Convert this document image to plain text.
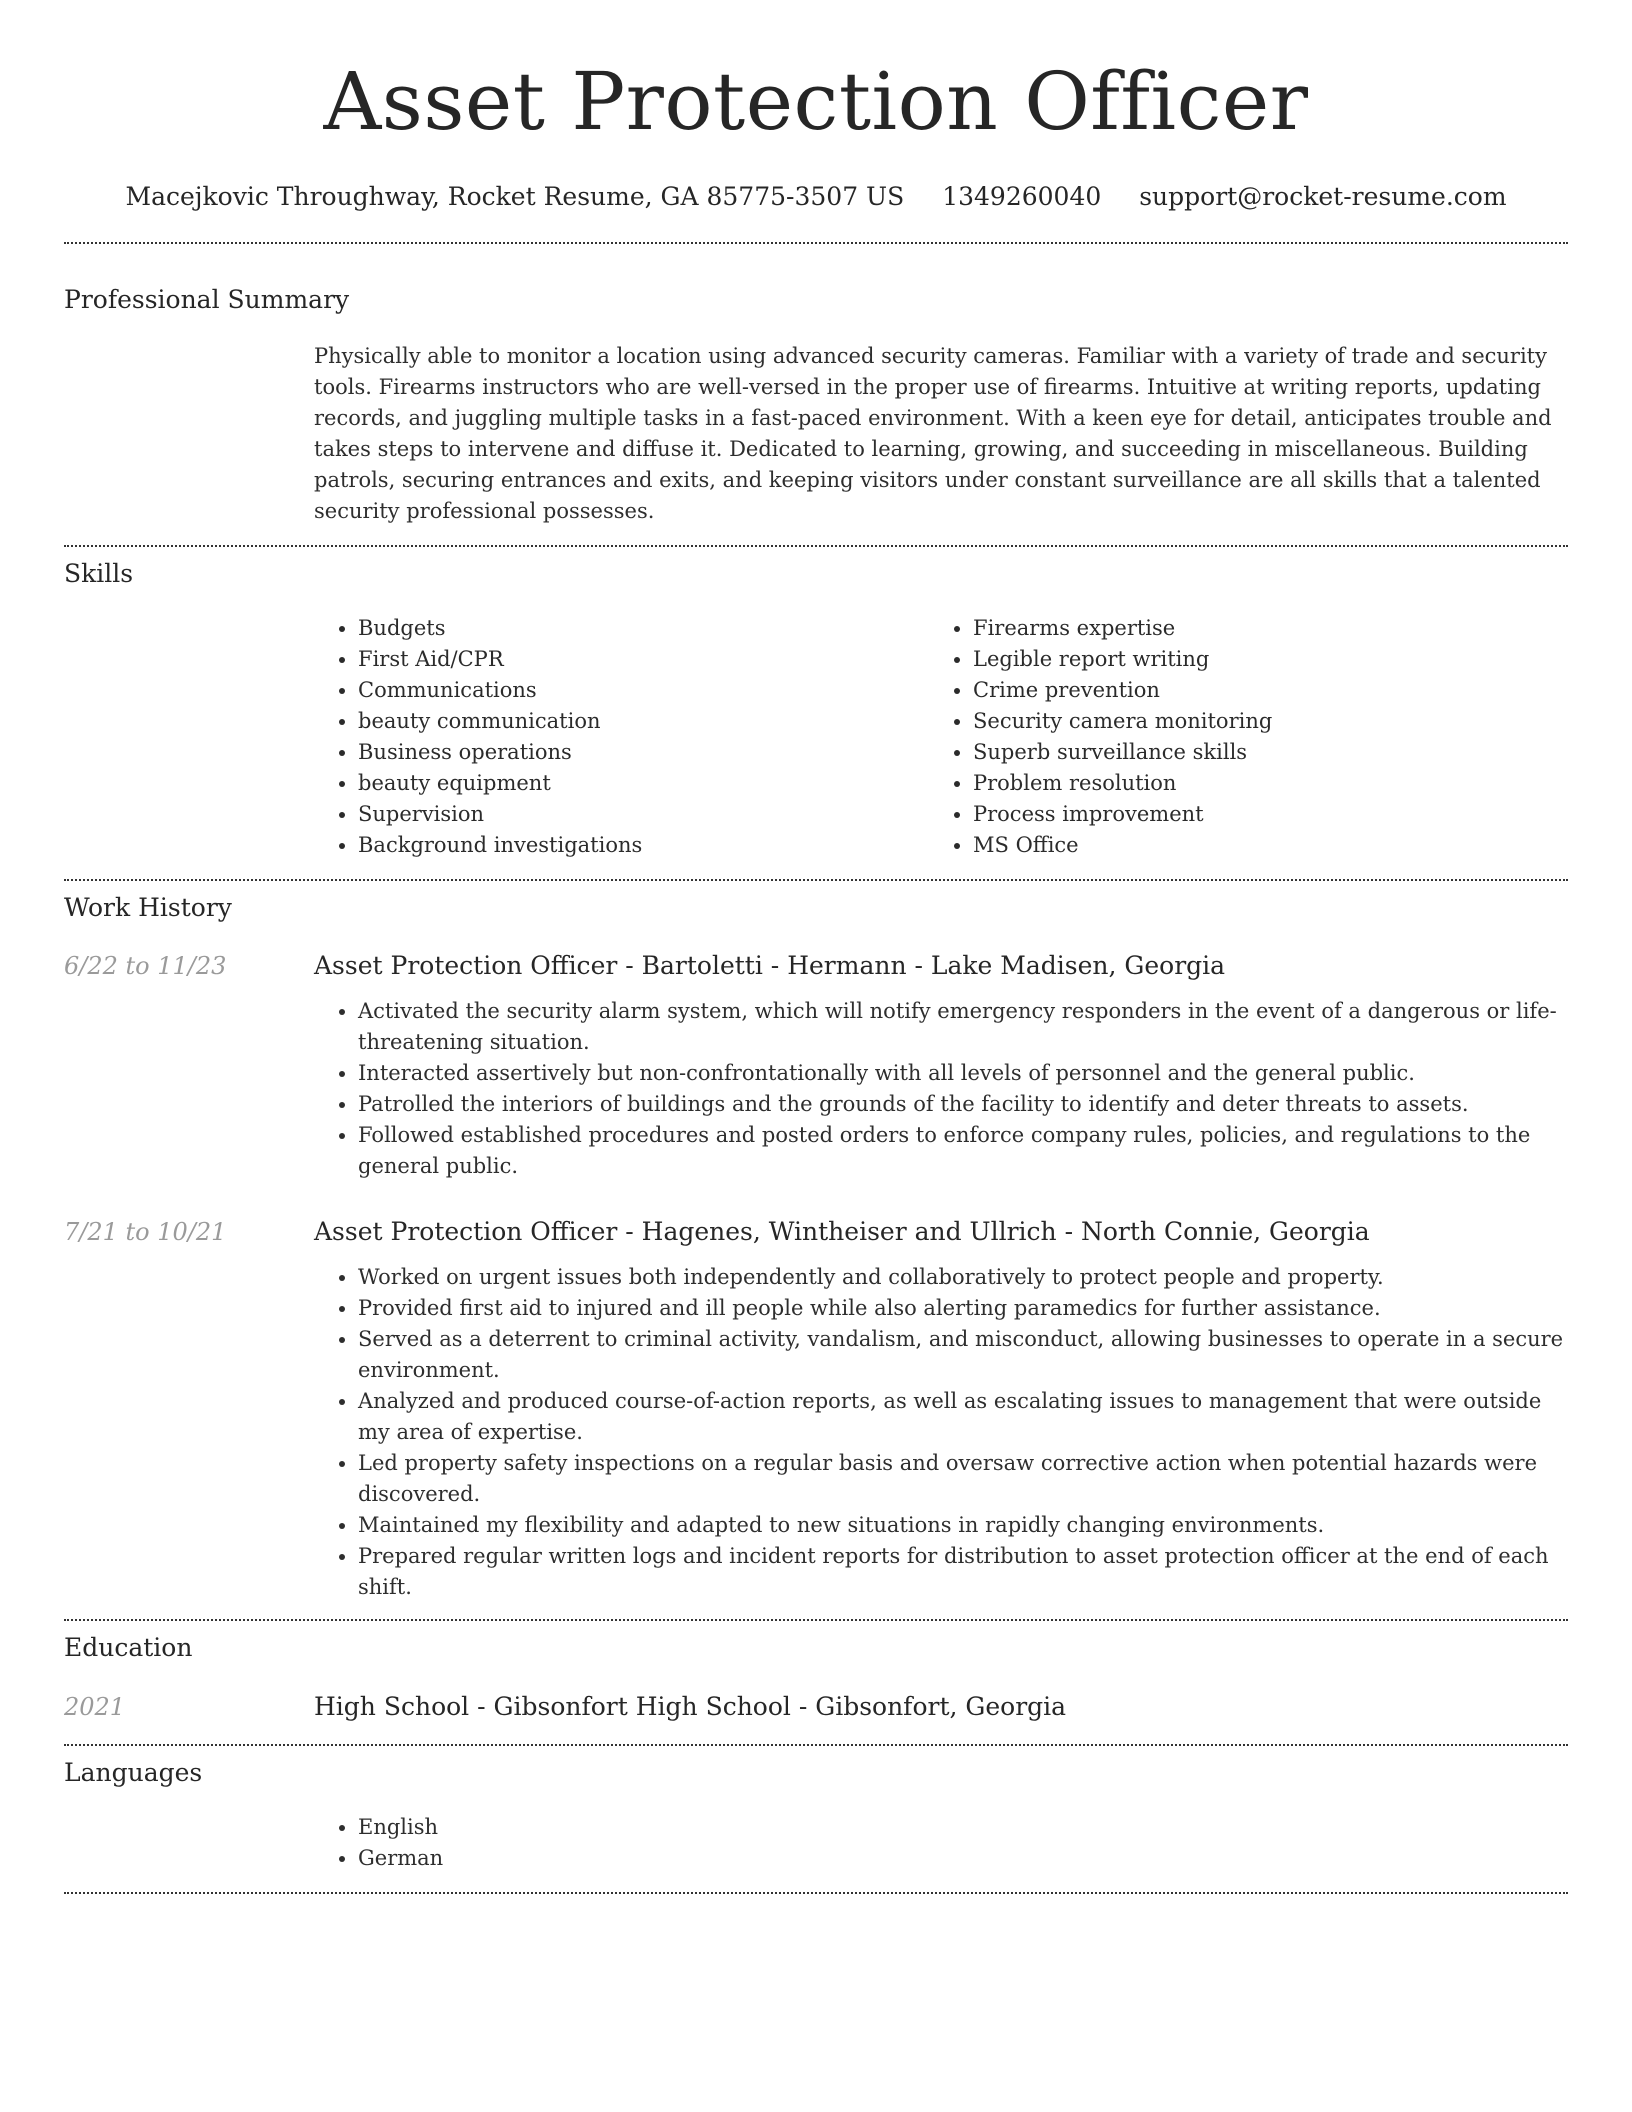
Asset Protection Officer
Macejkovic Throughway, Rocket Resume, GA 85775-3507 US 1349260040 support@rocket-resume.com
Professional Summary
Physically able to monitor a location using advanced security cameras. Familiar with a variety of trade and security tools. Firearms instructors who are well-versed in the proper use of firearms. Intuitive at writing reports, updating records, and juggling multiple tasks in a fast-paced environment. With a keen eye for detail, anticipates trouble and takes steps to intervene and diffuse it. Dedicated to learning, growing, and succeeding in miscellaneous. Building patrols, securing entrances and exits, and keeping visitors under constant surveillance are all skills that a talented security professional possesses.
Skills
• Budgets
• First Aid/CPR
• Communications
• beauty communication
• Business operations
• beauty equipment
• Supervision
• Background investigations
• Firearms expertise
• Legible report writing
• Crime prevention
• Security camera monitoring
• Superb surveillance skills
• Problem resolution
• Process improvement
• MS Office
Work History
6/22 to 11/23	Asset Protection Officer - Bartoletti - Hermann - Lake Madisen, Georgia
• Activated the security alarm system, which will notify emergency responders in the event of a dangerous or life-threatening situation.
• Interacted assertively but non-confrontationally with all levels of personnel and the general public.
• Patrolled the interiors of buildings and the grounds of the facility to identify and deter threats to assets.
• Followed established procedures and posted orders to enforce company rules, policies, and regulations to the general public.
7/21 to 10/21	Asset Protection Officer - Hagenes, Wintheiser and Ullrich - North Connie, Georgia
• Worked on urgent issues both independently and collaboratively to protect people and property.
• Provided first aid to injured and ill people while also alerting paramedics for further assistance.
• Served as a deterrent to criminal activity, vandalism, and misconduct, allowing businesses to operate in a secure environment.
• Analyzed and produced course-of-action reports, as well as escalating issues to management that were outside my area of expertise.
• Led property safety inspections on a regular basis and oversaw corrective action when potential hazards were discovered.
• Maintained my flexibility and adapted to new situations in rapidly changing environments.
• Prepared regular written logs and incident reports for distribution to asset protection officer at the end of each shift.
Education
2021	High School - Gibsonfort High School - Gibsonfort, Georgia
Languages
• English
• German
